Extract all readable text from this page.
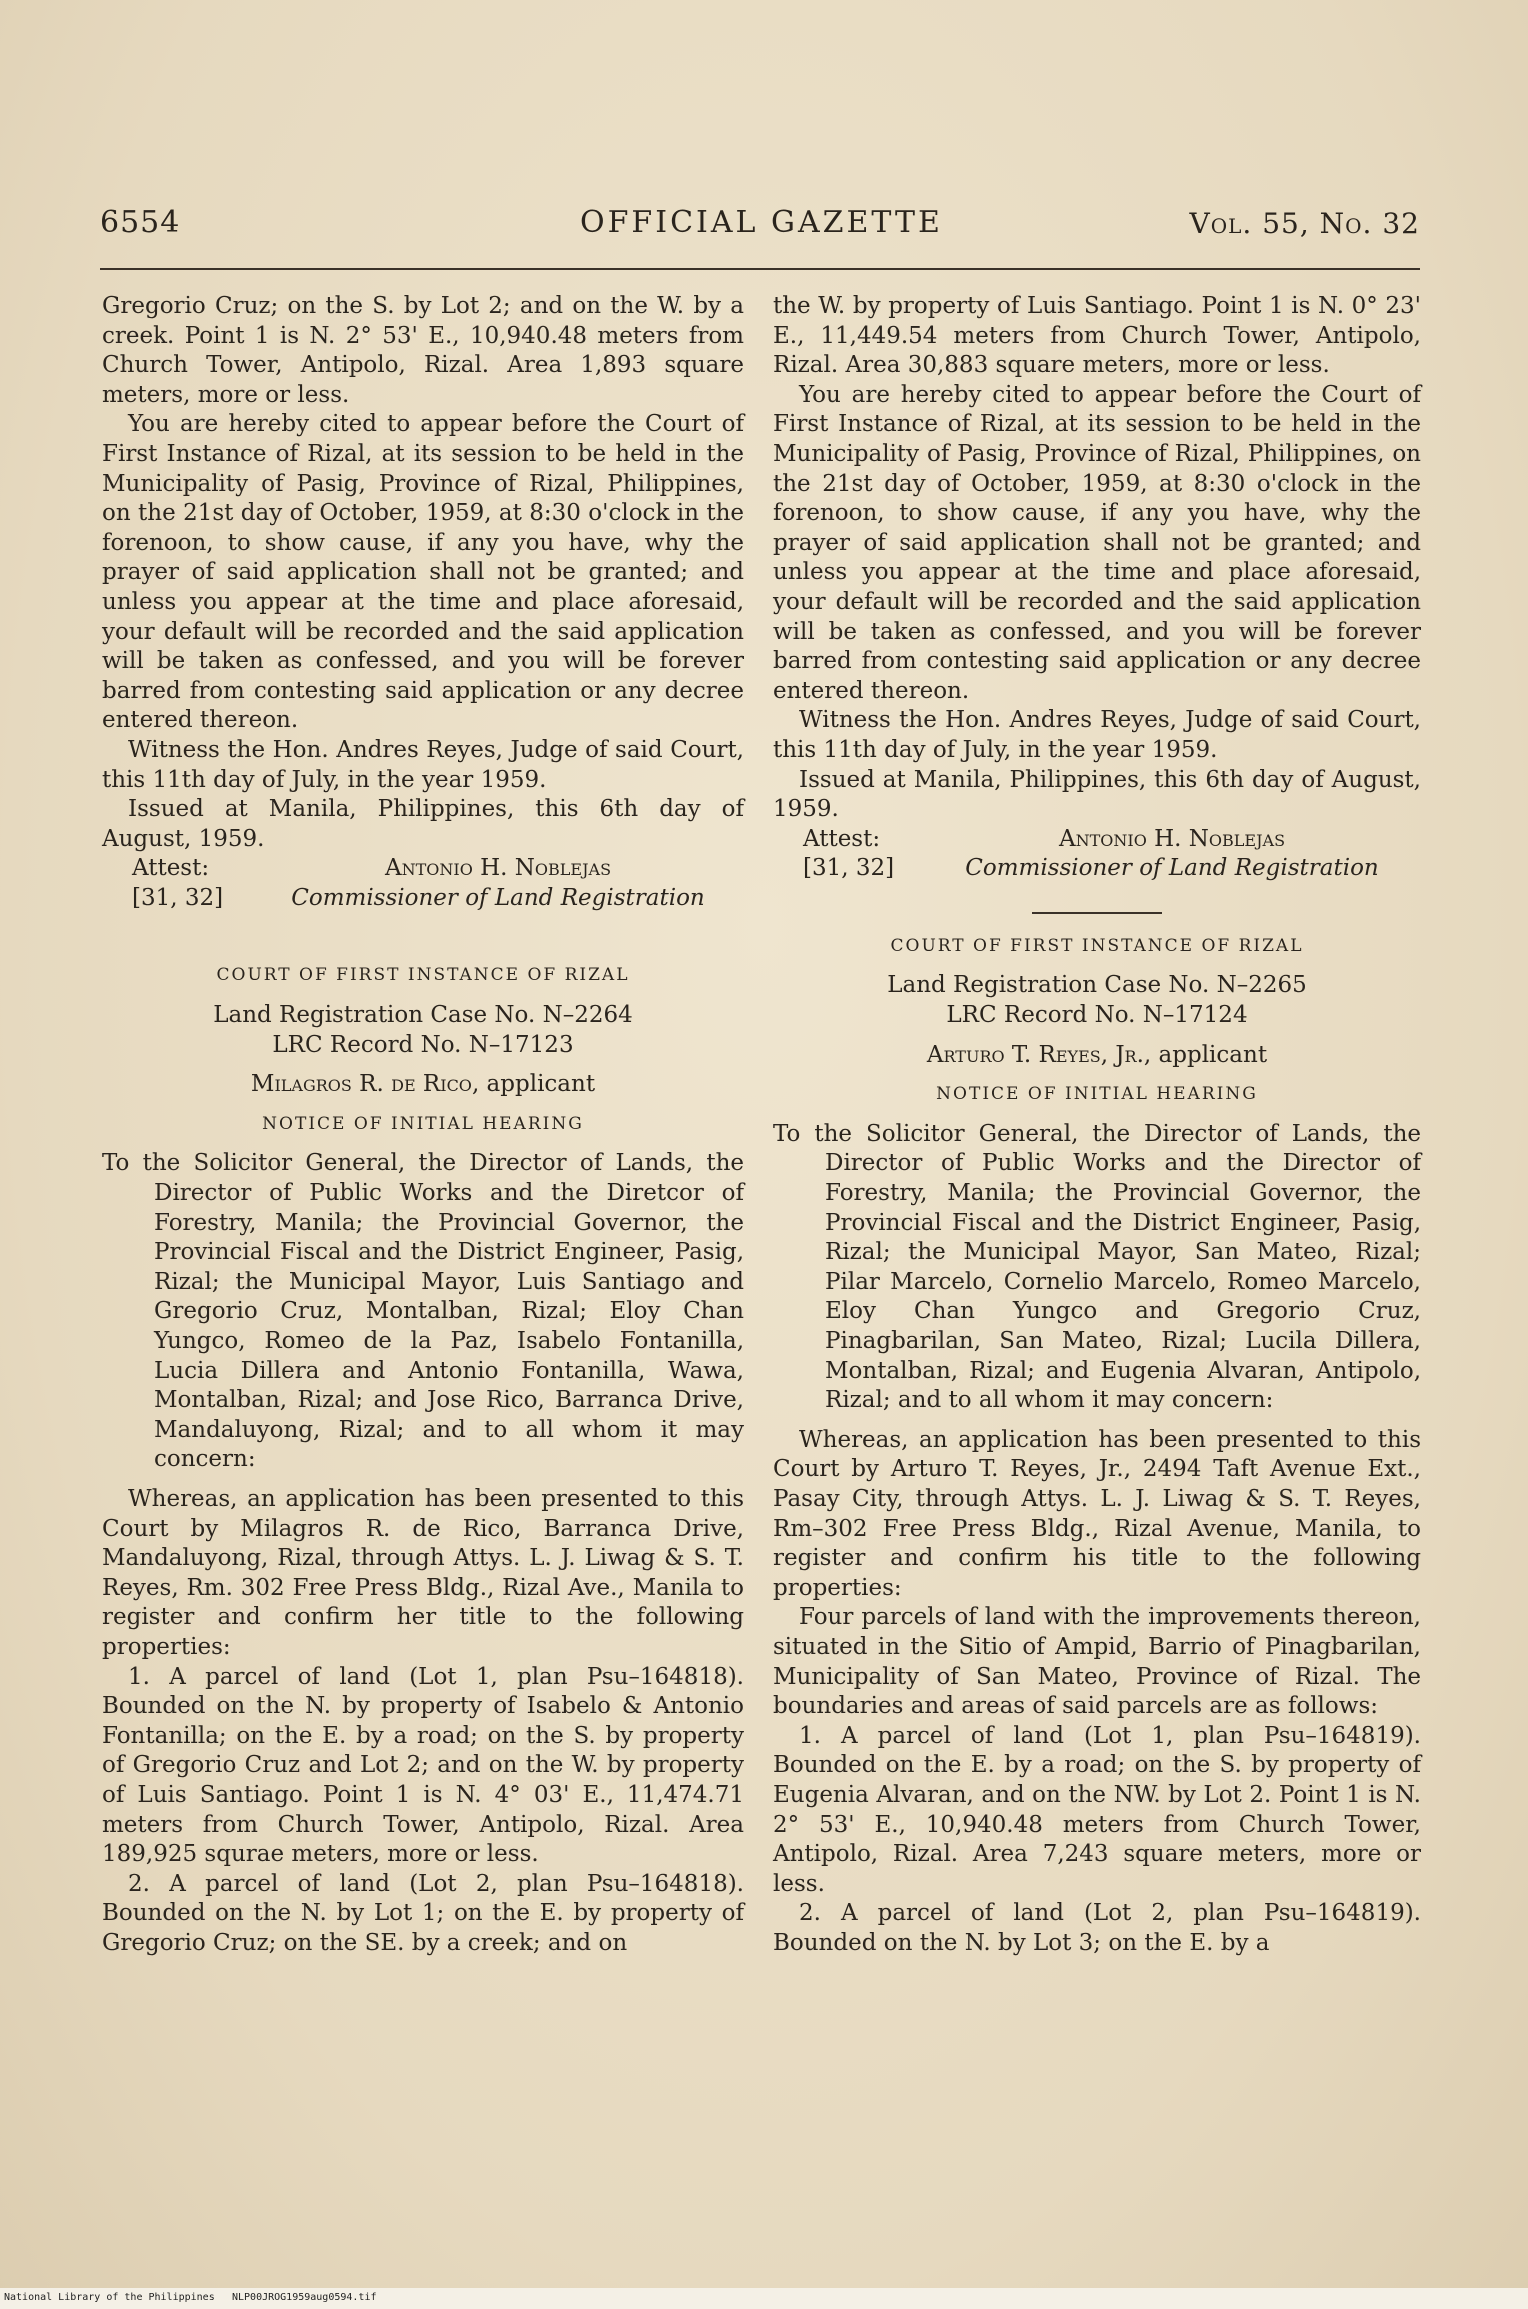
6554	OFFICIAL GAZETTE	Vol. 55, No. 32

Gregorio Cruz; on the S. by Lot 2; and on the W. by a creek. Point 1 is N. 2° 53' E., 10,940.48 meters from Church Tower, Antipolo, Rizal. Area 1,893 square meters, more or less.

You are hereby cited to appear before the Court of First Instance of Rizal, at its session to be held in the Municipality of Pasig, Province of Rizal, Philippines, on the 21st day of October, 1959, at 8:30 o'clock in the forenoon, to show cause, if any you have, why the prayer of said application shall not be granted; and unless you appear at the time and place aforesaid, your default will be recorded and the said application will be taken as confessed, and you will be forever barred from contesting said application or any decree entered thereon.

Witness the Hon. Andres Reyes, Judge of said Court, this 11th day of July, in the year 1959.

Issued at Manila, Philippines, this 6th day of August, 1959.

Attest:	Antonio H. Noblejas
[31, 32]	Commissioner of Land Registration

COURT OF FIRST INSTANCE OF RIZAL

Land Registration Case No. N–2264

LRC Record No. N–17123

Milagros R. de Rico, applicant

NOTICE OF INITIAL HEARING

To the Solicitor General, the Director of Lands, the Director of Public Works and the Diretcor of Forestry, Manila; the Provincial Governor, the Provincial Fiscal and the District Engineer, Pasig, Rizal; the Municipal Mayor, Luis Santiago and Gregorio Cruz, Montalban, Rizal; Eloy Chan Yungco, Romeo de la Paz, Isabelo Fontanilla, Lucia Dillera and Antonio Fontanilla, Wawa, Montalban, Rizal; and Jose Rico, Barranca Drive, Mandaluyong, Rizal; and to all whom it may concern:

Whereas, an application has been presented to this Court by Milagros R. de Rico, Barranca Drive, Mandaluyong, Rizal, through Attys. L. J. Liwag & S. T. Reyes, Rm. 302 Free Press Bldg., Rizal Ave., Manila to register and confirm her title to the following properties:

1. A parcel of land (Lot 1, plan Psu–164818). Bounded on the N. by property of Isabelo & Antonio Fontanilla; on the E. by a road; on the S. by property of Gregorio Cruz and Lot 2; and on the W. by property of Luis Santiago. Point 1 is N. 4° 03' E., 11,474.71 meters from Church Tower, Antipolo, Rizal. Area 189,925 squrae meters, more or less.

2. A parcel of land (Lot 2, plan Psu–164818). Bounded on the N. by Lot 1; on the E. by property of Gregorio Cruz; on the SE. by a creek; and on

the W. by property of Luis Santiago. Point 1 is N. 0° 23' E., 11,449.54 meters from Church Tower, Antipolo, Rizal. Area 30,883 square meters, more or less.

You are hereby cited to appear before the Court of First Instance of Rizal, at its session to be held in the Municipality of Pasig, Province of Rizal, Philippines, on the 21st day of October, 1959, at 8:30 o'clock in the forenoon, to show cause, if any you have, why the prayer of said application shall not be granted; and unless you appear at the time and place aforesaid, your default will be recorded and the said application will be taken as confessed, and you will be forever barred from contesting said application or any decree entered thereon.

Witness the Hon. Andres Reyes, Judge of said Court, this 11th day of July, in the year 1959.

Issued at Manila, Philippines, this 6th day of August, 1959.

Attest:	Antonio H. Noblejas
[31, 32]	Commissioner of Land Registration

COURT OF FIRST INSTANCE OF RIZAL

Land Registration Case No. N–2265

LRC Record No. N–17124

Arturo T. Reyes, Jr., applicant

NOTICE OF INITIAL HEARING

To the Solicitor General, the Director of Lands, the Director of Public Works and the Director of Forestry, Manila; the Provincial Governor, the Provincial Fiscal and the District Engineer, Pasig, Rizal; the Municipal Mayor, San Mateo, Rizal; Pilar Marcelo, Cornelio Marcelo, Romeo Marcelo, Eloy Chan Yungco and Gregorio Cruz, Pinagbarilan, San Mateo, Rizal; Lucila Dillera, Montalban, Rizal; and Eugenia Alvaran, Antipolo, Rizal; and to all whom it may concern:

Whereas, an application has been presented to this Court by Arturo T. Reyes, Jr., 2494 Taft Avenue Ext., Pasay City, through Attys. L. J. Liwag & S. T. Reyes, Rm–302 Free Press Bldg., Rizal Avenue, Manila, to register and confirm his title to the following properties:

Four parcels of land with the improvements thereon, situated in the Sitio of Ampid, Barrio of Pinagbarilan, Municipality of San Mateo, Province of Rizal. The boundaries and areas of said parcels are as follows:

1. A parcel of land (Lot 1, plan Psu–164819). Bounded on the E. by a road; on the S. by property of Eugenia Alvaran, and on the NW. by Lot 2. Point 1 is N. 2° 53' E., 10,940.48 meters from Church Tower, Antipolo, Rizal. Area 7,243 square meters, more or less.

2. A parcel of land (Lot 2, plan Psu–164819). Bounded on the N. by Lot 3; on the E. by a

National Library of the Philippines NLP00JROG1959aug0594.tif
